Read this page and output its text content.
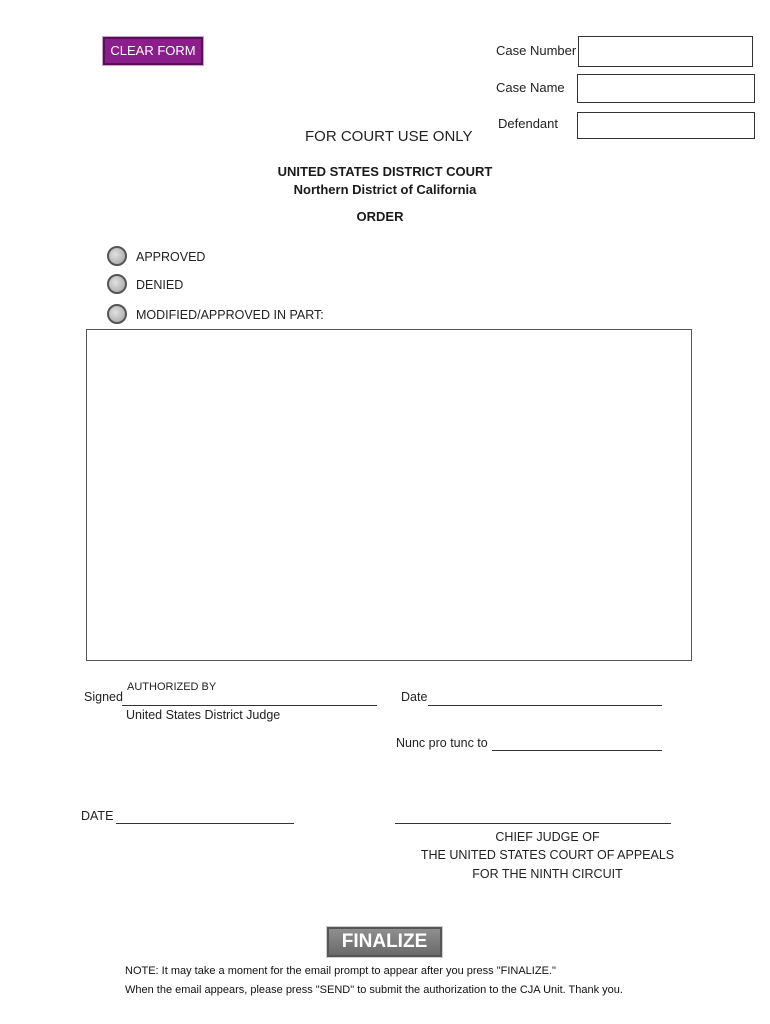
CLEAR FORM	Case Number
Case Name
Defendant
FOR COURT USE ONLY
UNITED STATES DISTRICT COURT
Northern District of California
ORDER
APPROVED
DENIED
MODIFIED/APPROVED IN PART:
AUTHORIZED BY
Signed
United States District Judge
Date
Nunc pro tunc to
DATE
CHIEF JUDGE OF
THE UNITED STATES COURT OF APPEALS
FOR THE NINTH CIRCUIT
FINALIZE
NOTE: It may take a moment for the email prompt to appear after you press "FINALIZE."
When the email appears, please press "SEND" to submit the authorization to the CJA Unit. Thank you.
